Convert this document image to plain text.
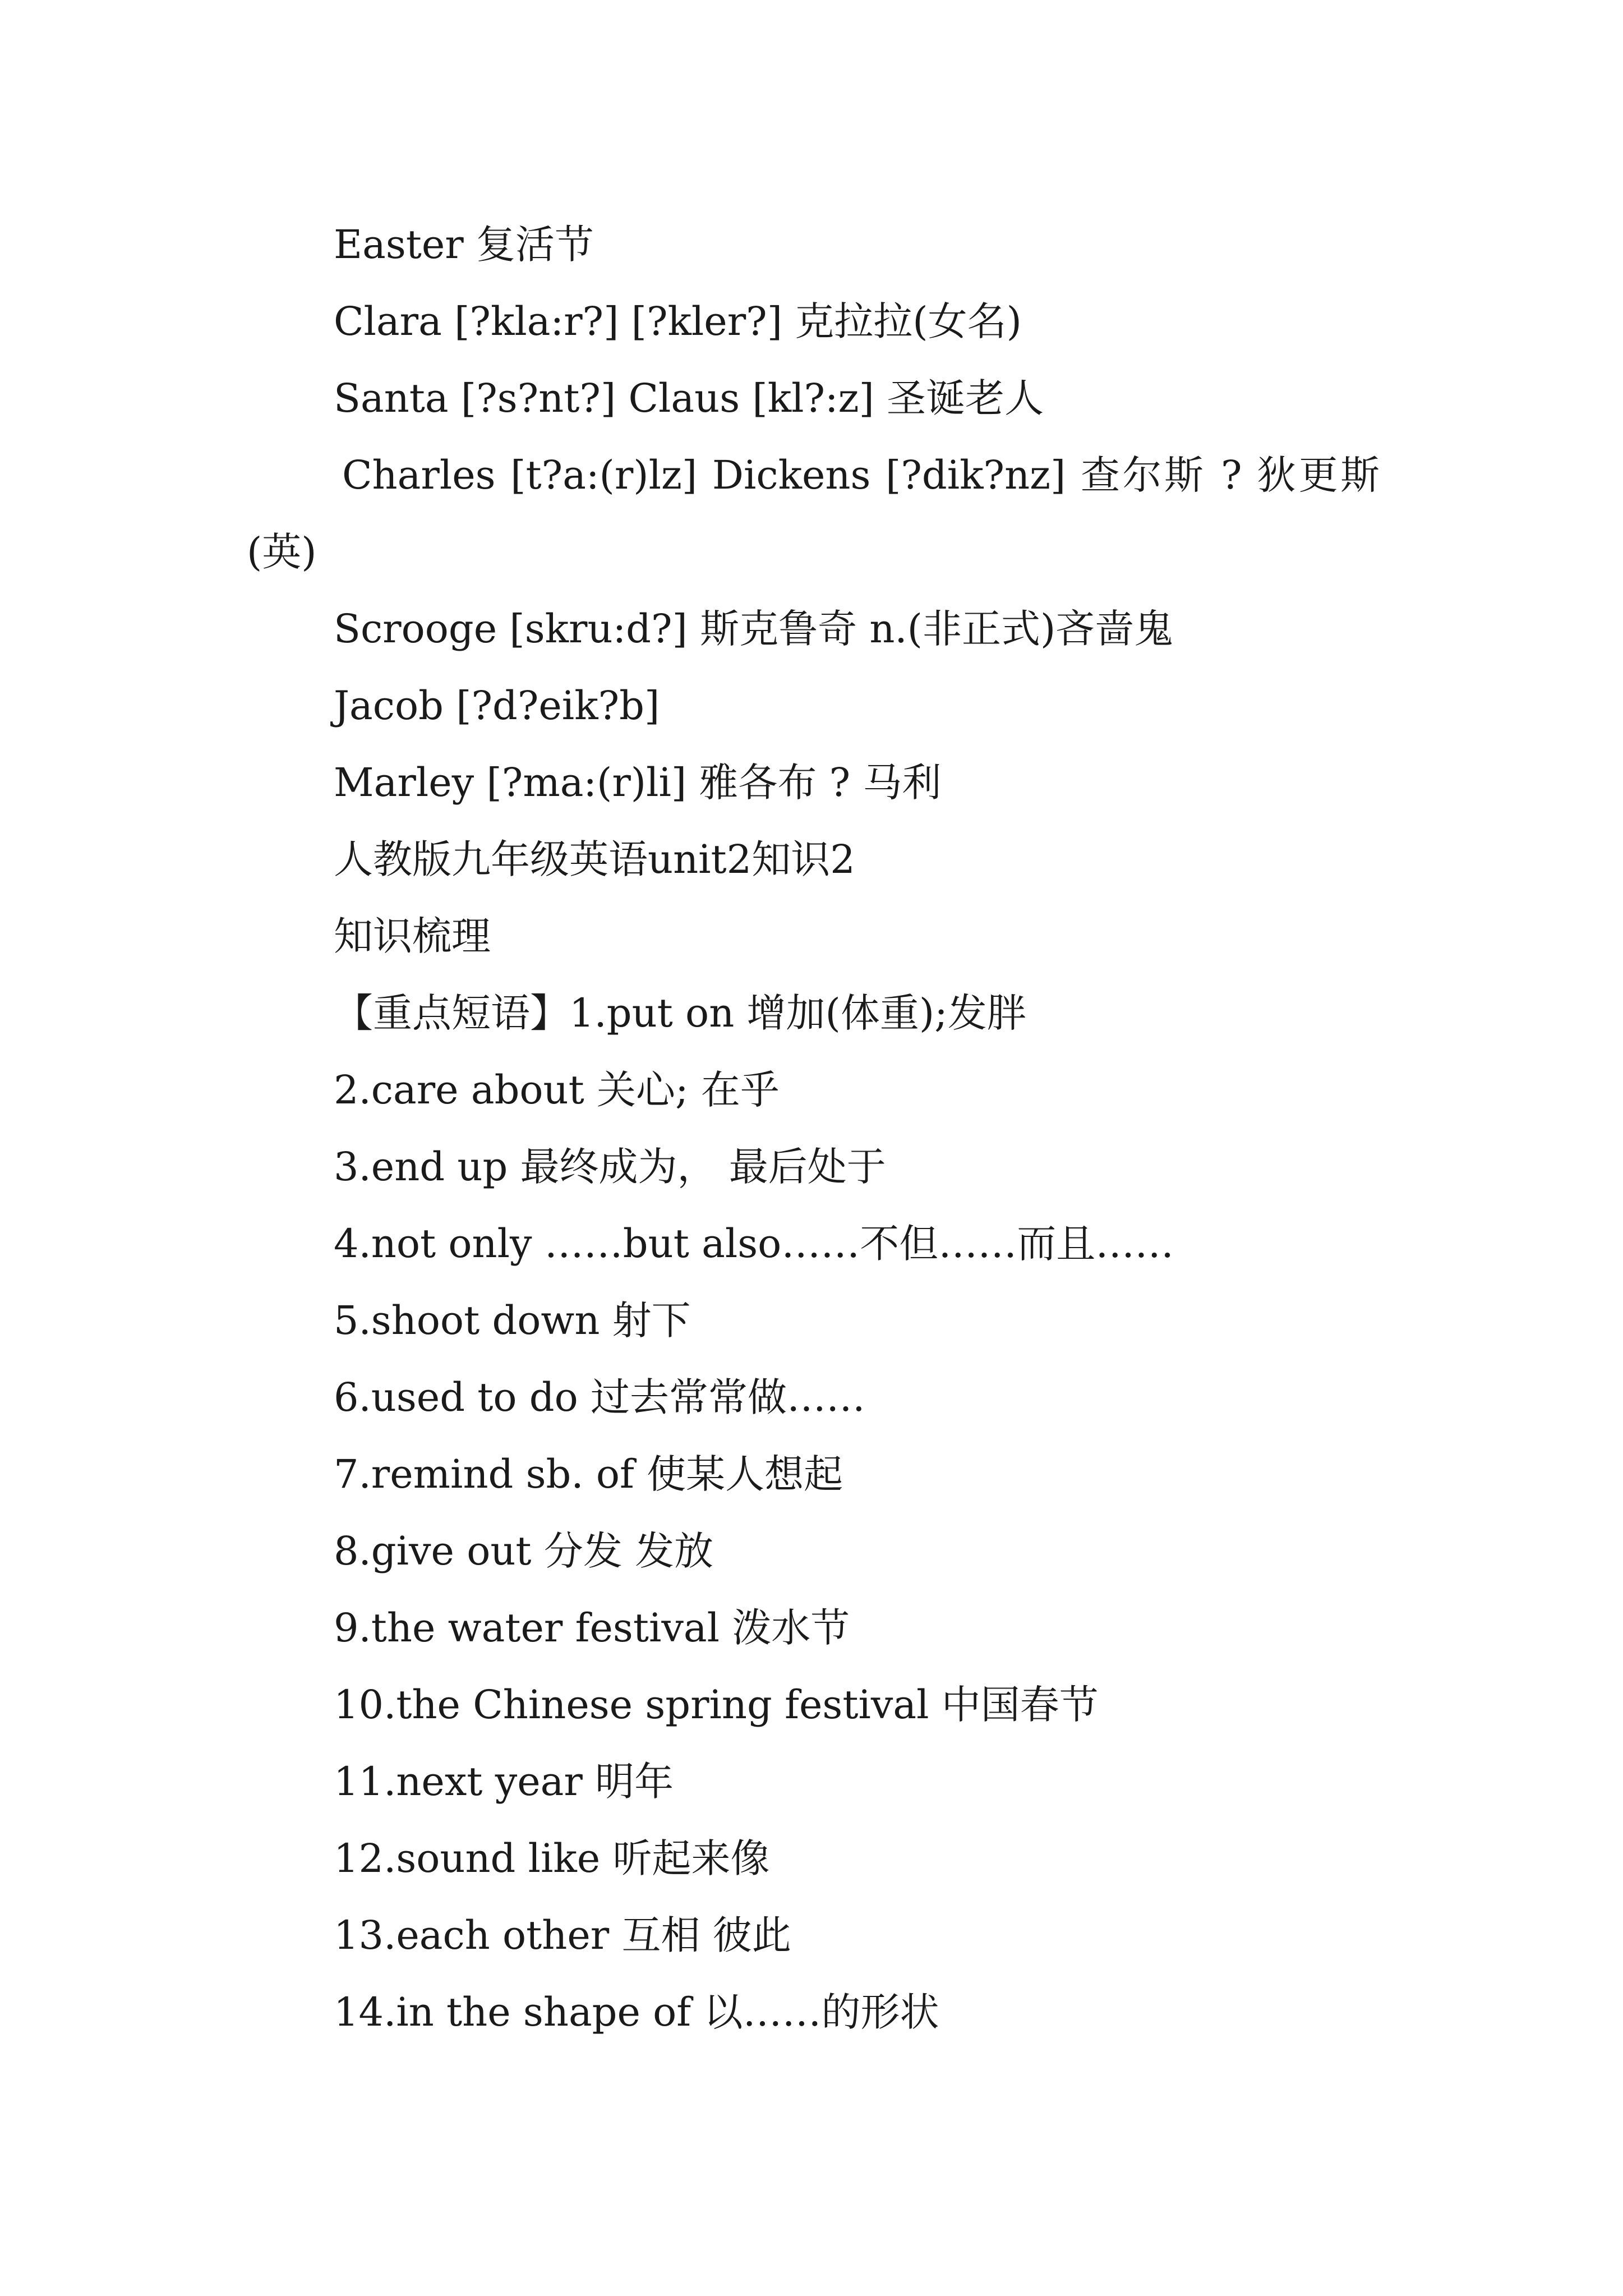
Easter 复活节
Clara [?kla:r?] [?kler?] 克拉拉(女名)
Santa [?s?nt?] Claus [kl?:z] 圣诞老人

Charles [t?a:(r)lz] Dickens [?dik?nz] 查尔斯 ? 狄更斯(英)

Scrooge [skru:d?] 斯克鲁奇 n.(非正式)吝啬鬼
Jacob [?d?eik?b]
Marley [?ma:(r)li] 雅各布 ? 马利
人教版九年级英语unit2知识2
知识梳理
【重点短语】1.put on 增加(体重);发胖
2.care about 关心; 在乎
3.end up 最终成为， 最后处于
4.not only ……but also……不但……而且……
5.shoot down 射下
6.used to do 过去常常做……
7.remind sb. of 使某人想起
8.give out 分发 发放
9.the water festival 泼水节
10.the Chinese spring festival 中国春节
11.next year 明年
12.sound like 听起来像
13.each other 互相 彼此
14.in the shape of 以……的形状
